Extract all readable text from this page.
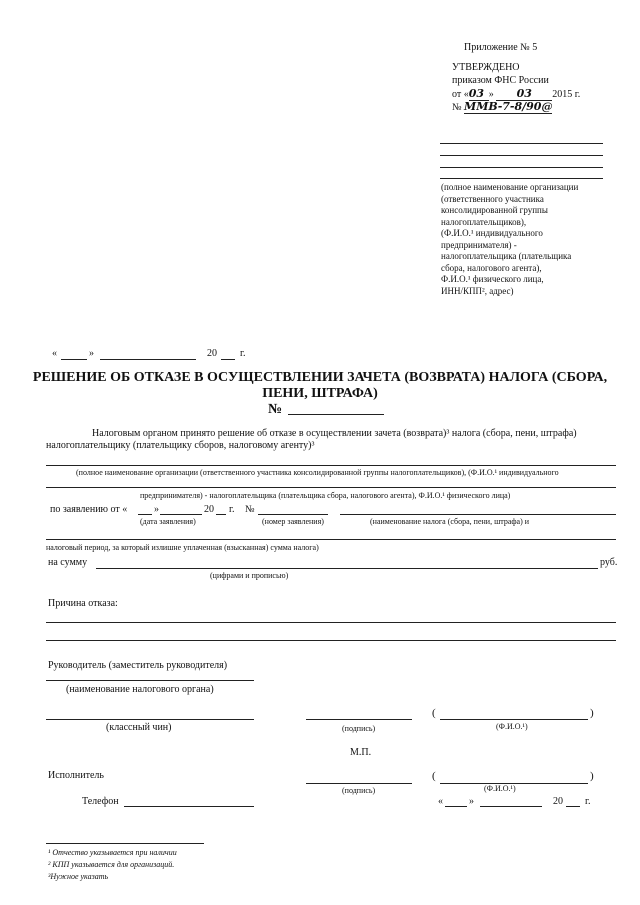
Приложение № 5
УТВЕРЖДЕНО
приказом ФНС России
от «03 » 03 2015 г.
№ ММВ-7-8/90@
(полное наименование организации
(ответственного участника
консолидированной группы
налогоплательщиков),
(Ф.И.О.¹ индивидуального
предпринимателя) -
налогоплательщика (плательщика
сбора, налогового агента),
Ф.И.О.¹ физического лица,
ИНН/КПП², адрес)
«	»	20 г.
РЕШЕНИЕ ОБ ОТКАЗЕ В ОСУЩЕСТВЛЕНИИ ЗАЧЕТА (ВОЗВРАТА) НАЛОГА (СБОРА,
ПЕНИ, ШТРАФА)
№
Налоговым органом принято решение об отказе в осуществлении зачета (возврата)³ налога (сбора, пени, штрафа)
налогоплательщику (плательщику сборов, налоговому агенту)³
(полное наименование организации (ответственного участника консолидированной группы налогоплательщиков), (Ф.И.О.¹ индивидуального
предпринимателя) - налогоплательщика (плательщика сбора, налогового агента), Ф.И.О.¹ физического лица)
по заявлению от «	»	20 г. №
(дата заявления)	(номер заявления)	(наименование налога (сбора, пени, штрафа) и
налоговый период, за который излишне уплаченная (взысканная) сумма налога)
на сумму	руб.
(цифрами и прописью)
Причина отказа:
Руководитель (заместитель руководителя)
(наименование налогового органа)
(классный чин)	(подпись)
(	)
(Ф.И.О.¹)
М.П.
Исполнитель
(подпись)
(	)
(Ф.И.О.¹)
Телефон	«	»	20 г.
¹ Отчество указывается при наличии
² КПП указывается для организаций.
³Нужное указать
